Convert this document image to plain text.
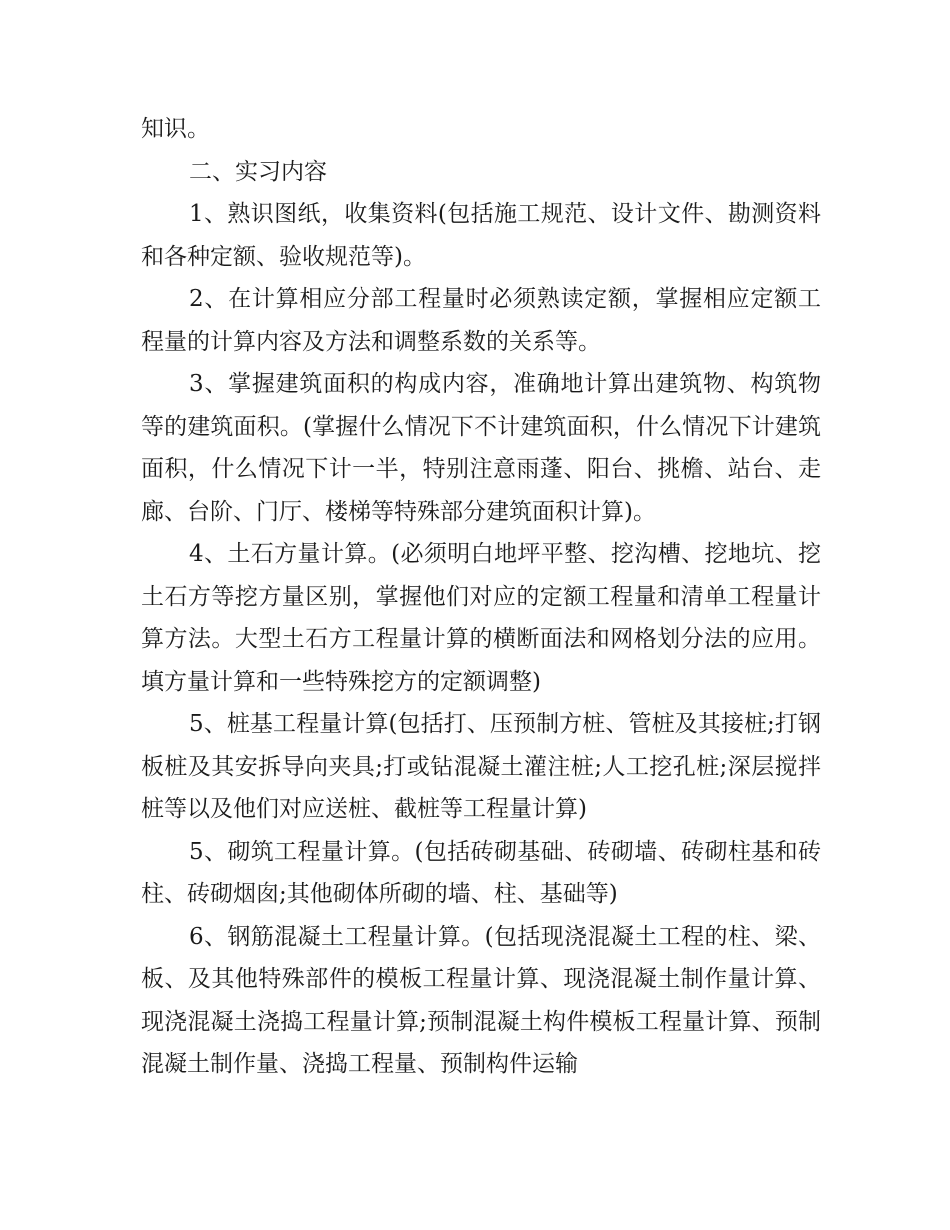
知识。

二、实习内容

1、熟识图纸，收集资料(包括施工规范、设计文件、勘测资料和各种定额、验收规范等)。

2、在计算相应分部工程量时必须熟读定额，掌握相应定额工程量的计算内容及方法和调整系数的关系等。

3、掌握建筑面积的构成内容，准确地计算出建筑物、构筑物等的建筑面积。(掌握什么情况下不计建筑面积，什么情况下计建筑面积，什么情况下计一半，特别注意雨蓬、阳台、挑檐、站台、走廊、台阶、门厅、楼梯等特殊部分建筑面积计算)。

4、土石方量计算。(必须明白地坪平整、挖沟槽、挖地坑、挖土石方等挖方量区别，掌握他们对应的定额工程量和清单工程量计算方法。大型土石方工程量计算的横断面法和网格划分法的应用。填方量计算和一些特殊挖方的定额调整)

5、桩基工程量计算(包括打、压预制方桩、管桩及其接桩;打钢板桩及其安拆导向夹具;打或钻混凝土灌注桩;人工挖孔桩;深层搅拌桩等以及他们对应送桩、截桩等工程量计算)

5、砌筑工程量计算。(包括砖砌基础、砖砌墙、砖砌柱基和砖柱、砖砌烟囱;其他砌体所砌的墙、柱、基础等)

6、钢筋混凝土工程量计算。(包括现浇混凝土工程的柱、梁、板、及其他特殊部件的模板工程量计算、现浇混凝土制作量计算、现浇混凝土浇捣工程量计算;预制混凝土构件模板工程量计算、预制混凝土制作量、浇捣工程量、预制构件运输
